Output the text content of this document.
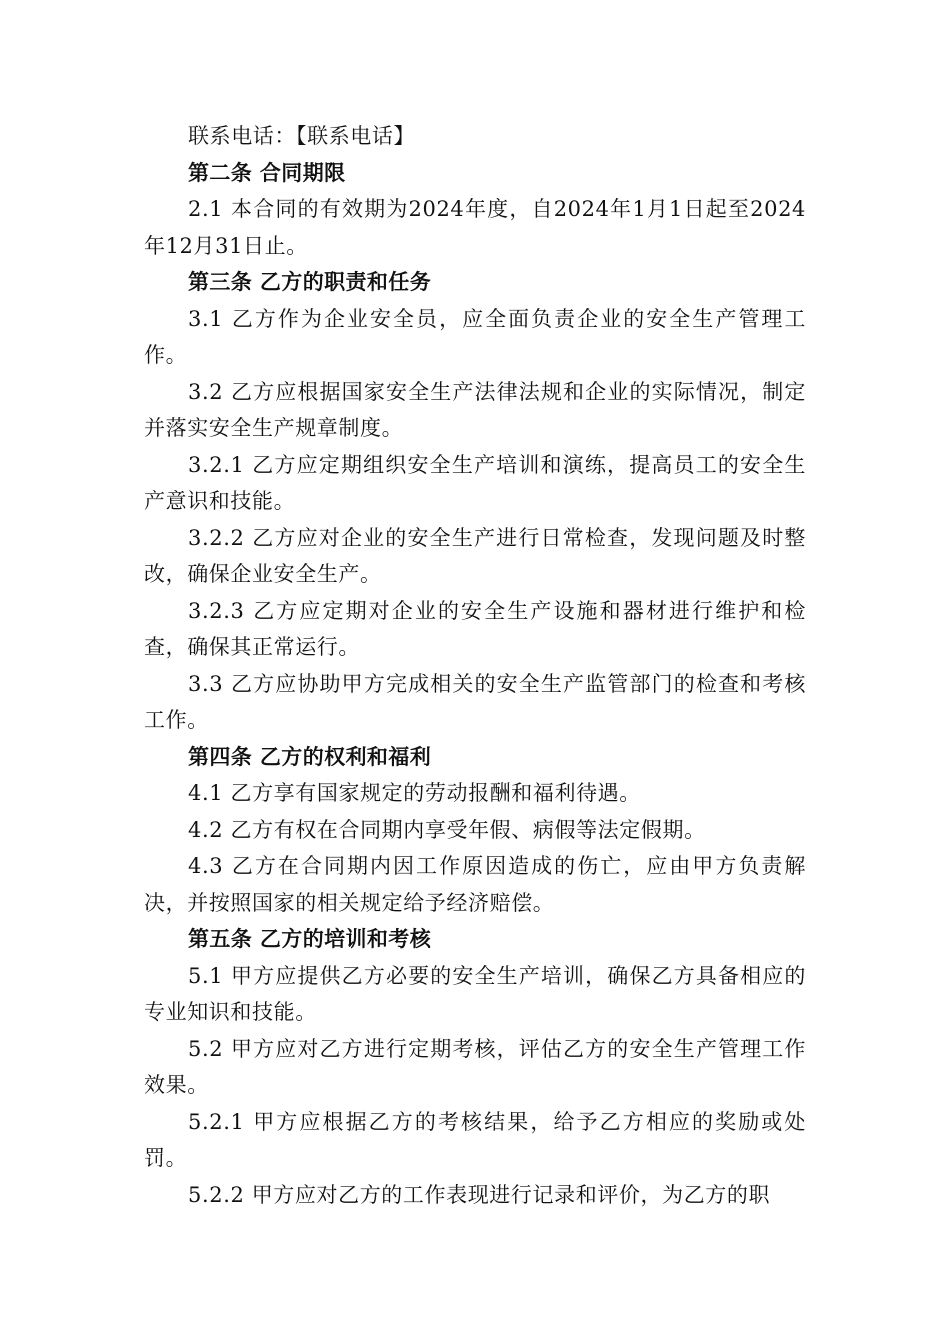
联系电话：【联系电话】

第二条 合同期限

2.1 本合同的有效期为2024年度，自2024年1月1日起至2024年12月31日止。

第三条 乙方的职责和任务

3.1 乙方作为企业安全员，应全面负责企业的安全生产管理工作。

3.2 乙方应根据国家安全生产法律法规和企业的实际情况，制定并落实安全生产规章制度。

3.2.1 乙方应定期组织安全生产培训和演练，提高员工的安全生产意识和技能。

3.2.2 乙方应对企业的安全生产进行日常检查，发现问题及时整改，确保企业安全生产。

3.2.3 乙方应定期对企业的安全生产设施和器材进行维护和检查，确保其正常运行。

3.3 乙方应协助甲方完成相关的安全生产监管部门的检查和考核工作。

第四条 乙方的权利和福利

4.1 乙方享有国家规定的劳动报酬和福利待遇。

4.2 乙方有权在合同期内享受年假、病假等法定假期。

4.3 乙方在合同期内因工作原因造成的伤亡，应由甲方负责解决，并按照国家的相关规定给予经济赔偿。

第五条 乙方的培训和考核

5.1 甲方应提供乙方必要的安全生产培训，确保乙方具备相应的专业知识和技能。

5.2 甲方应对乙方进行定期考核，评估乙方的安全生产管理工作效果。

5.2.1 甲方应根据乙方的考核结果，给予乙方相应的奖励或处罚。

5.2.2 甲方应对乙方的工作表现进行记录和评价，为乙方的职
